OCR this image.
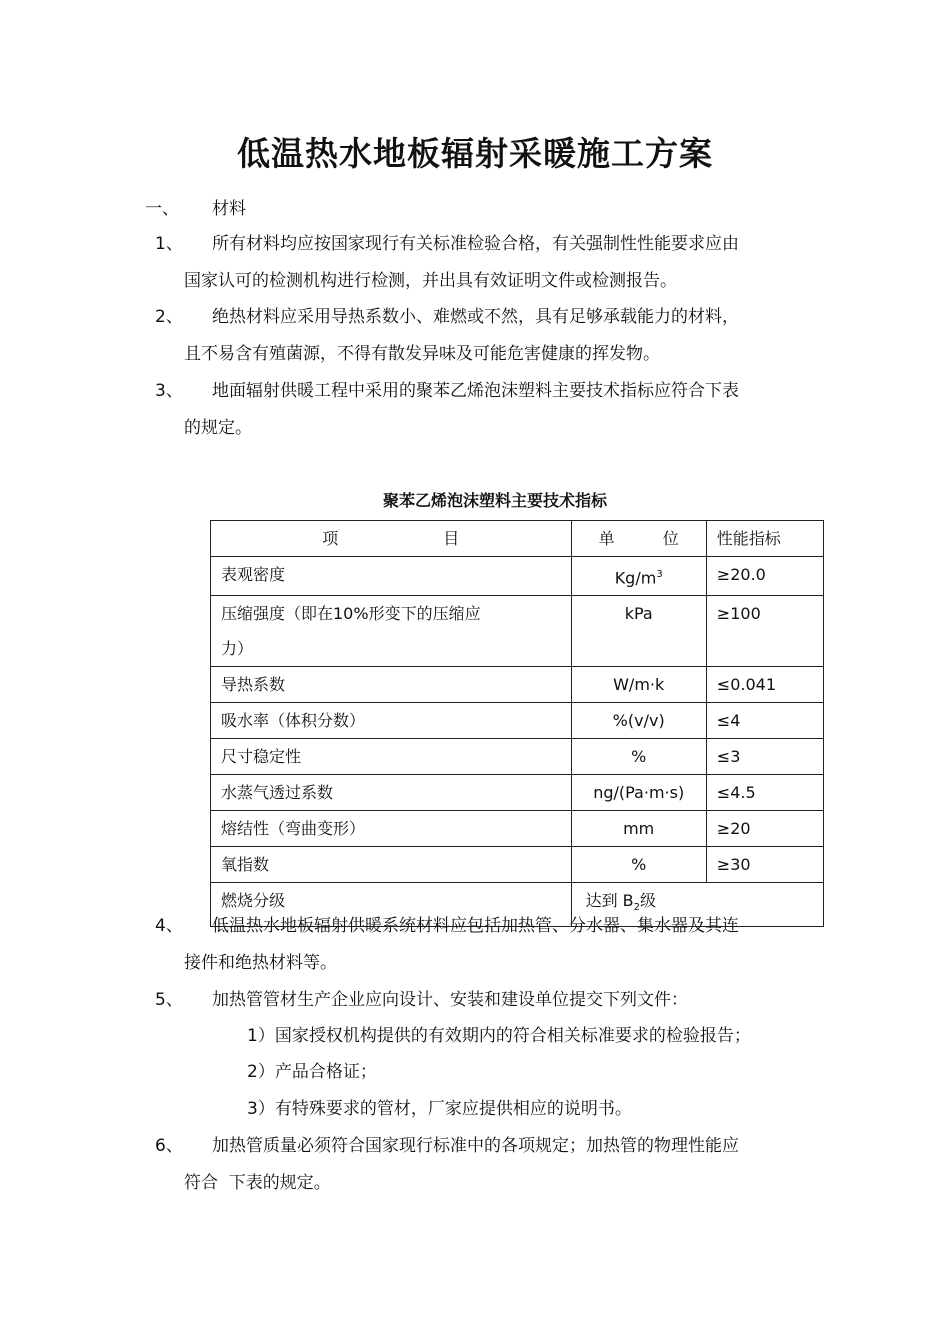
低温热水地板辐射采暖施工方案
一、 材料
1、 所有材料均应按国家现行有关标准检验合格，有关强制性性能要求应由
国家认可的检测机构进行检测，并出具有效证明文件或检测报告。
2、 绝热材料应采用导热系数小、难燃或不然，具有足够承载能力的材料，
且不易含有殖菌源，不得有散发异味及可能危害健康的挥发物。
3、 地面辐射供暖工程中采用的聚苯乙烯泡沫塑料主要技术指标应符合下表
的规定。
聚苯乙烯泡沫塑料主要技术指标
项 目	单 位	性能指标
表观密度	$Kg/m^3$	≥20.0
压缩强度（即在10%形变下的压缩应
力）	kPa	≥100
导热系数	W/m·k	≤0.041
吸水率（体积分数）	%(v/v)	≤4
尺寸稳定性	%	≤3
水蒸气透过系数	ng/(Pa·m·s)	≤4.5
熔结性（弯曲变形）	mm	≥20
氧指数	%	≥30
燃烧分级	达到 $B_2$级	
4、 低温热水地板辐射供暖系统材料应包括加热管、分水器、集水器及其连
接件和绝热材料等。
5、 加热管管材生产企业应向设计、安装和建设单位提交下列文件：
1）国家授权机构提供的有效期内的符合相关标准要求的检验报告；
2）产品合格证；
3）有特殊要求的管材，厂家应提供相应的说明书。
6、 加热管质量必须符合国家现行标准中的各项规定；加热管的物理性能应
符合  下表的规定。
